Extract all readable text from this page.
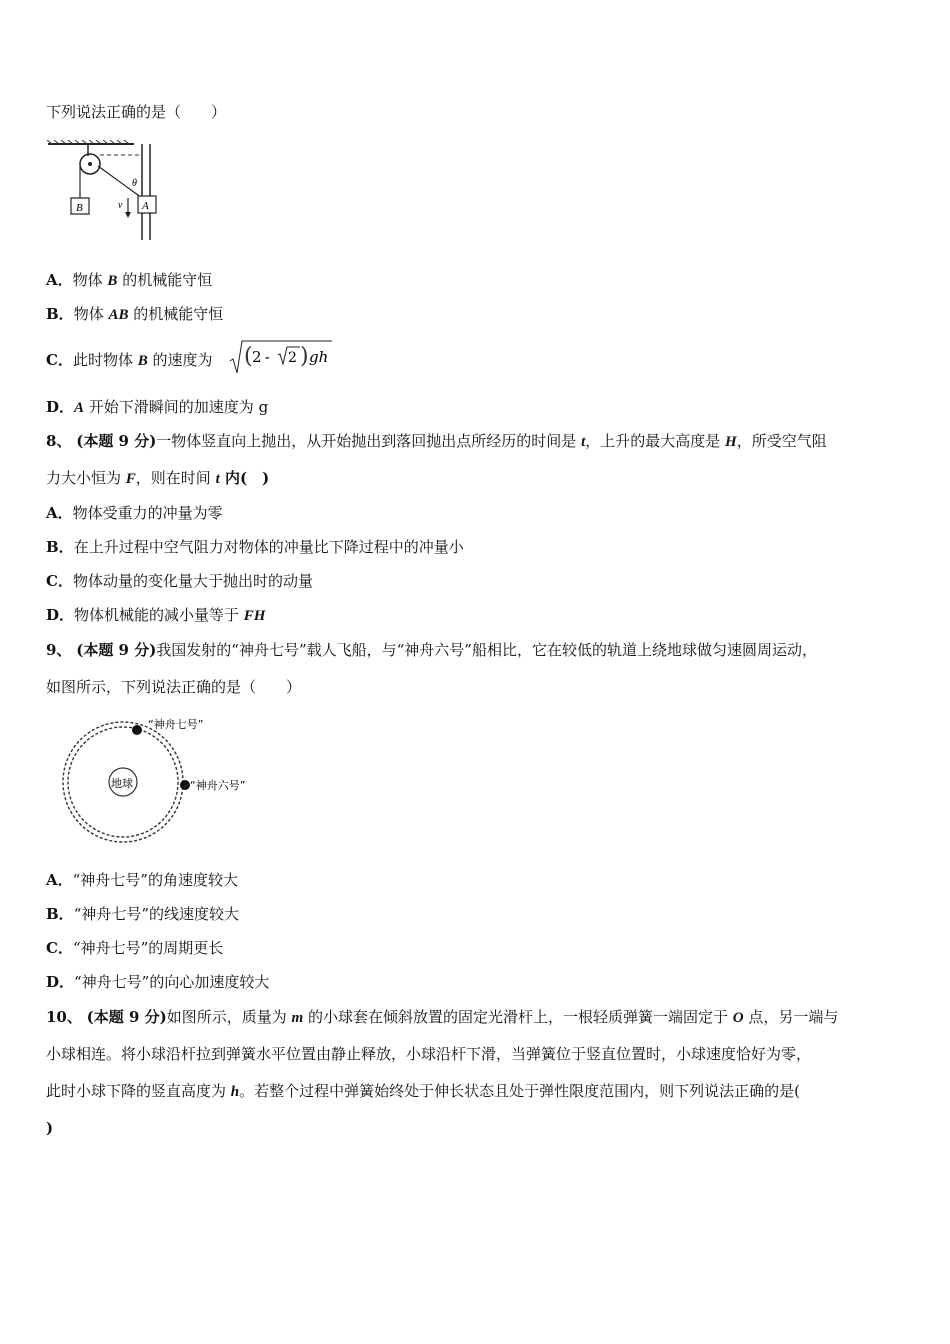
下列说法正确的是（　　）
B	A
θ
v
A．物体 B 的机械能守恒
B．物体 AB 的机械能守恒
C．此时物体 B 的速度为 ( 2
- 2 ) gh
D．A 开始下滑瞬间的加速度为 g
8、 (本题 9 分)一物体竖直向上抛出，从开始抛出到落回抛出点所经历的时间是 t，上升的最大高度是 H，所受空气阻
力大小恒为 F，则在时间 t 内(　)
A．物体受重力的冲量为零
B．在上升过程中空气阻力对物体的冲量比下降过程中的冲量小
C．物体动量的变化量大于抛出时的动量
D．物体机械能的减小量等于 FH
9、 (本题 9 分)我国发射的“神舟七号”载人飞船，与“神舟六号”船相比，它在较低的轨道上绕地球做匀速圆周运动，
如图所示，下列说法正确的是（　　）
地球
“神舟七号”
“神舟六号”
A．“神舟七号”的角速度较大
B．“神舟七号”的线速度较大
C．“神舟七号”的周期更长
D．“神舟七号”的向心加速度较大
10、 (本题 9 分)如图所示，质量为 m 的小球套在倾斜放置的固定光滑杆上，一根轻质弹簧一端固定于 O 点，另一端与
小球相连。将小球沿杆拉到弹簧水平位置由静止释放，小球沿杆下滑，当弹簧位于竖直位置时，小球速度恰好为零，
此时小球下降的竖直高度为 h。若整个过程中弹簧始终处于伸长状态且处于弹性限度范围内，则下列说法正确的是(
)
